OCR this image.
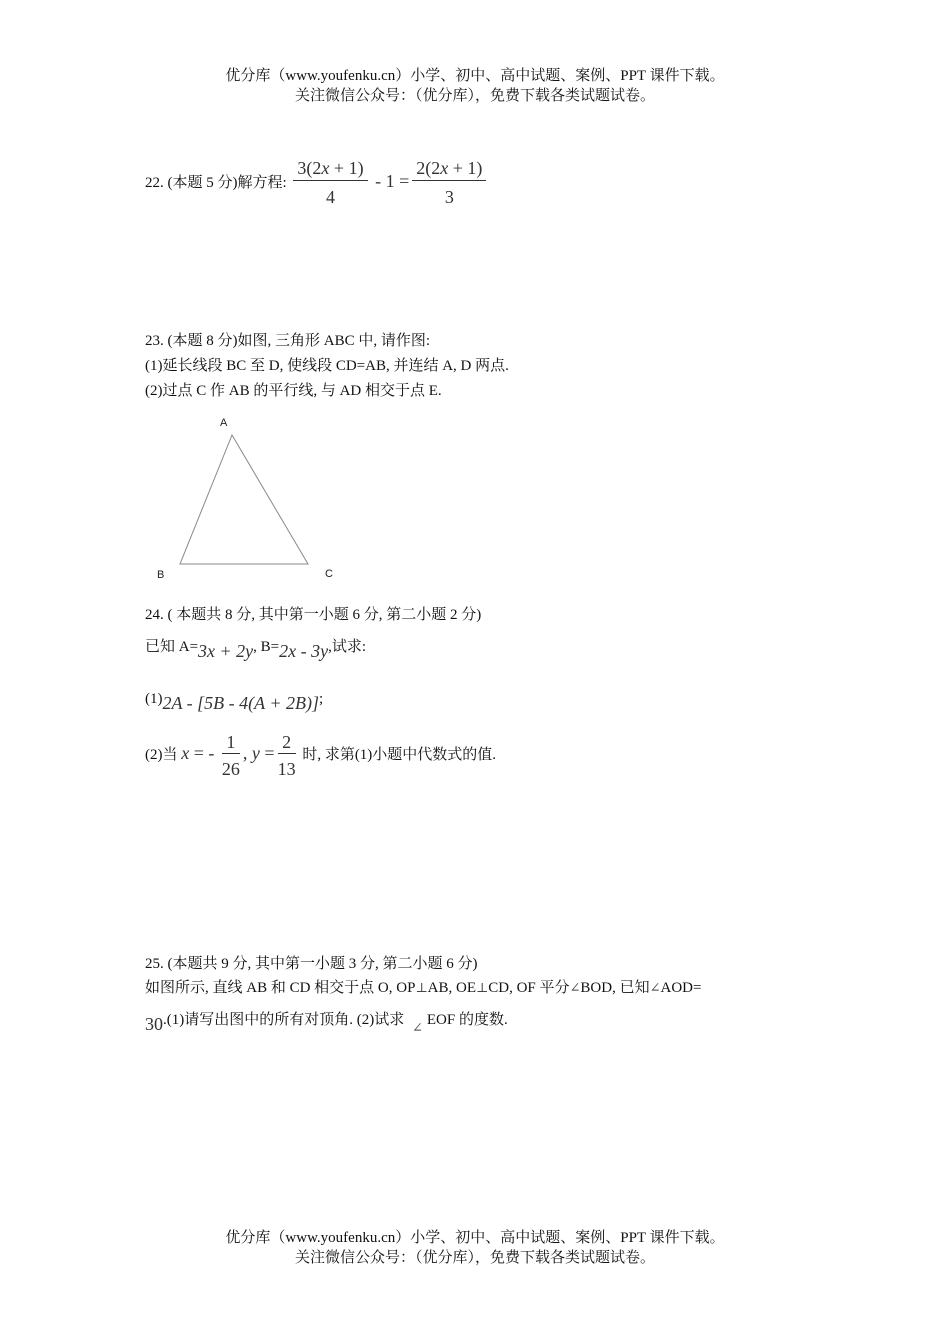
优分库（www.youfenku.cn）小学、初中、高中试题、案例、PPT 课件下载。
关注微信公众号：（优分库），免费下载各类试题试卷。
22. (本题 5 分)解方程: $\frac{3(2x + 1)}{4} - 1 = \frac{2(2x + 1)}{3}$
23. (本题 8 分)如图, 三角形 ABC 中, 请作图:
(1)延长线段 BC 至 D, 使线段 CD=AB, 并连结 A, D 两点.
(2)过点 C 作 AB 的平行线, 与 AD 相交于点 E.
A
B	C
24. ( 本题共 8 分, 其中第一小题 6 分, 第二小题 2 分)
已知 A=3x + 2y, B=2x - 3y,试求:
(1)2A - [5B - 4(A + 2B)];
(2)当 x = - $\frac{1}{26}$ , $y = \frac{2}{13}$ 时, 求第(1)小题中代数式的值.
25. (本题共 9 分, 其中第一小题 3 分, 第二小题 6 分)
如图所示, 直线 AB 和 CD 相交于点 O, OP⊥AB, OE⊥CD, OF 平分∠BOD, 已知∠AOD=
30.(1)请写出图中的所有对顶角. (2)试求 ∠ EOF 的度数.
优分库（www.youfenku.cn）小学、初中、高中试题、案例、PPT 课件下载。
关注微信公众号：（优分库），免费下载各类试题试卷。
